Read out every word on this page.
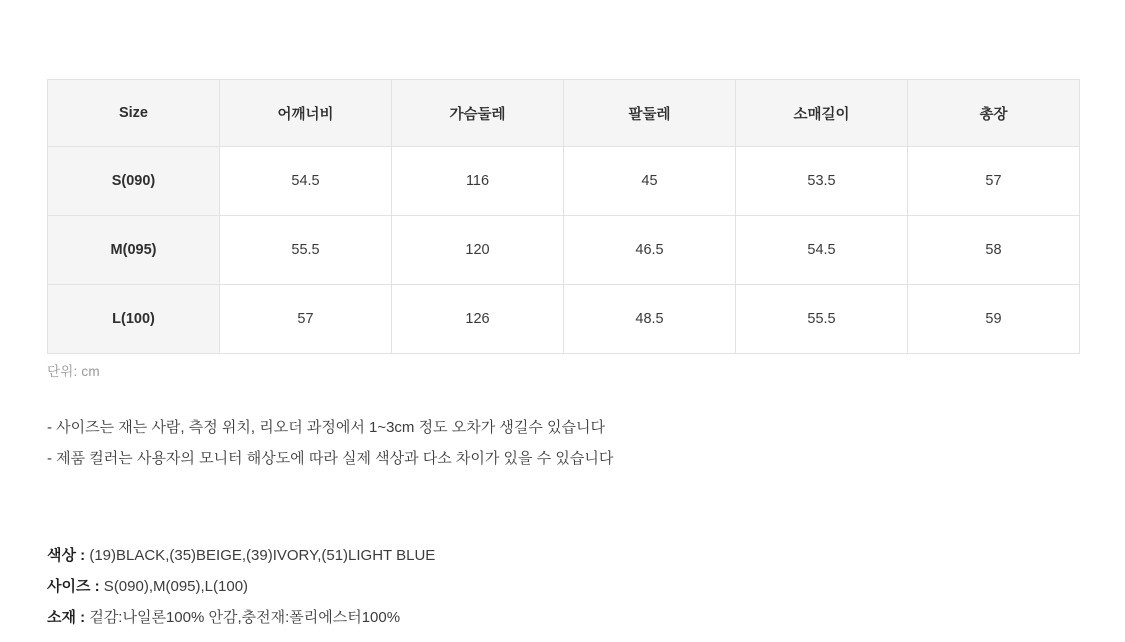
Size	어깨너비	가슴둘레	팔둘레	소매길이	총장
S(090)	54.5	116	45	53.5	57
M(095)	55.5	120	46.5	54.5	58
L(100)	57	126	48.5	55.5	59
단위: cm
- 사이즈는 재는 사람, 측정 위치, 리오더 과정에서 1~3cm 정도 오차가 생길수 있습니다
- 제품 컬러는 사용자의 모니터 해상도에 따라 실제 색상과 다소 차이가 있을 수 있습니다
색상 : (19)BLACK,(35)BEIGE,(39)IVORY,(51)LIGHT BLUE
사이즈 : S(090),M(095),L(100)
소재 : 겉감:나일론100% 안감,충전재:폴리에스터100%
